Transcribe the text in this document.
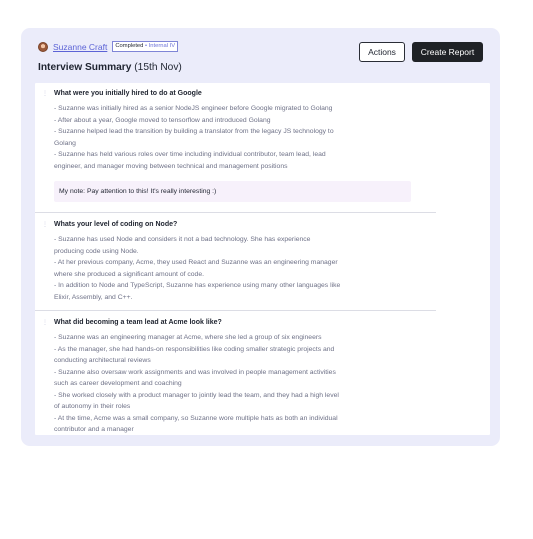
Suzanne Craft	Completed • Internal IV
Interview Summary (15th Nov)
Actions	Create Report
⋮ What were you initially hired to do at Google

- Suzanne was initially hired as a senior NodeJS engineer before Google migrated to Golang

- After about a year, Google moved to tensorflow and introduced Golang

- Suzanne helped lead the transition by building a translator from the legacy JS technology to

Golang

- Suzanne has held various roles over time including individual contributor, team lead, lead

engineer, and manager moving between technical and management positions

My note: Pay attention to this! It's really interesting :)
⋮ Whats your level of coding on Node?

- Suzanne has used Node and considers it not a bad technology. She has experience

producing code using Node.

- At her previous company, Acme, they used React and Suzanne was an engineering manager

where she produced a significant amount of code.

- In addition to Node and TypeScript, Suzanne has experience using many other languages like

Elixir, Assembly, and C++.

⋮ What did becoming a team lead at Acme look like?

- Suzanne was an engineering manager at Acme, where she led a group of six engineers

- As the manager, she had hands-on responsibilities like coding smaller strategic projects and

conducting architectural reviews

- Suzanne also oversaw work assignments and was involved in people management activities

such as career development and coaching

- She worked closely with a product manager to jointly lead the team, and they had a high level

of autonomy in their roles

- At the time, Acme was a small company, so Suzanne wore multiple hats as both an individual

contributor and a manager
